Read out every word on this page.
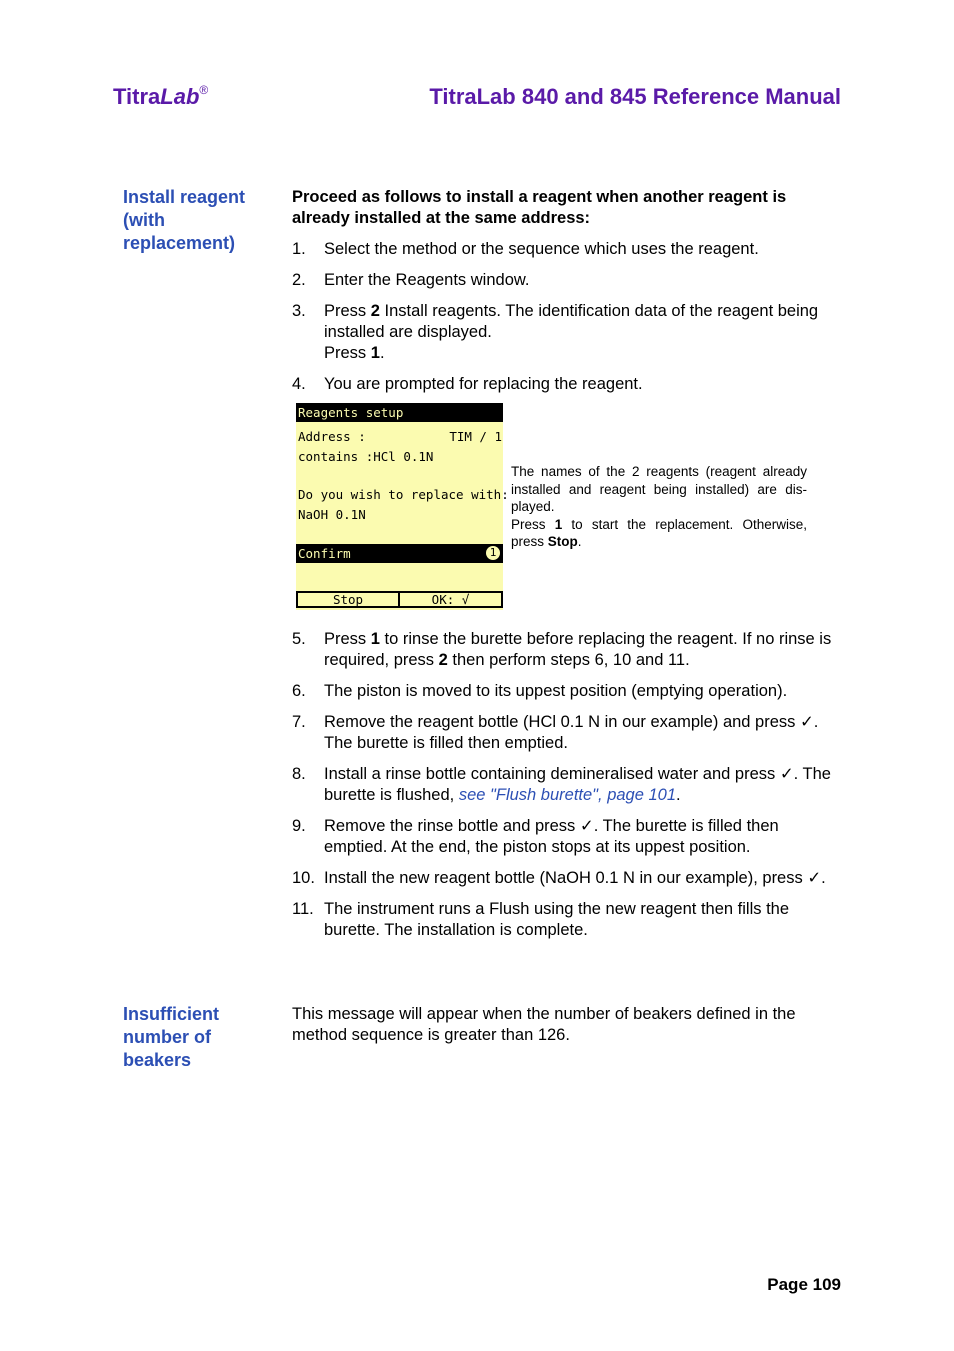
TitraLab®	TitraLab 840 and 845 Reference Manual
Install reagent
(with
replacement)
Proceed as follows to install a reagent when another reagent is already installed at the same address:
1. Select the method or the sequence which uses the reagent.
2. Enter the Reagents window.
3. Press 2 Install reagents. The identification data of the reagent being installed are displayed.
Press 1.
4. You are prompted for replacing the reagent.
Reagents setup
Address :	TIM / 1
contains :HCl 0.1N
Do you wish to replace with:
NaOH 0.1N
Confirm	1
Stop	OK: √
The names of the 2 reagents (reagent already installed and reagent being installed) are dis- played.
Press 1 to start the replacement. Otherwise, press Stop.
5. Press 1 to rinse the burette before replacing the reagent. If no rinse is required, press 2 then perform steps 6, 10 and 11.
6. The piston is moved to its uppest position (emptying operation).
7. Remove the reagent bottle (HCl 0.1 N in our example) and press ✓. The burette is filled then emptied.
8. Install a rinse bottle containing demineralised water and press ✓. The burette is flushed, see "Flush burette", page 101.
9. Remove the rinse bottle and press ✓. The burette is filled then emptied. At the end, the piston stops at its uppest position.
10. Install the new reagent bottle (NaOH 0.1 N in our example), press ✓.
11. The instrument runs a Flush using the new reagent then fills the burette. The installation is complete.
Insufficient
number of
beakers
This message will appear when the number of beakers defined in the method sequence is greater than 126.
Page 109
